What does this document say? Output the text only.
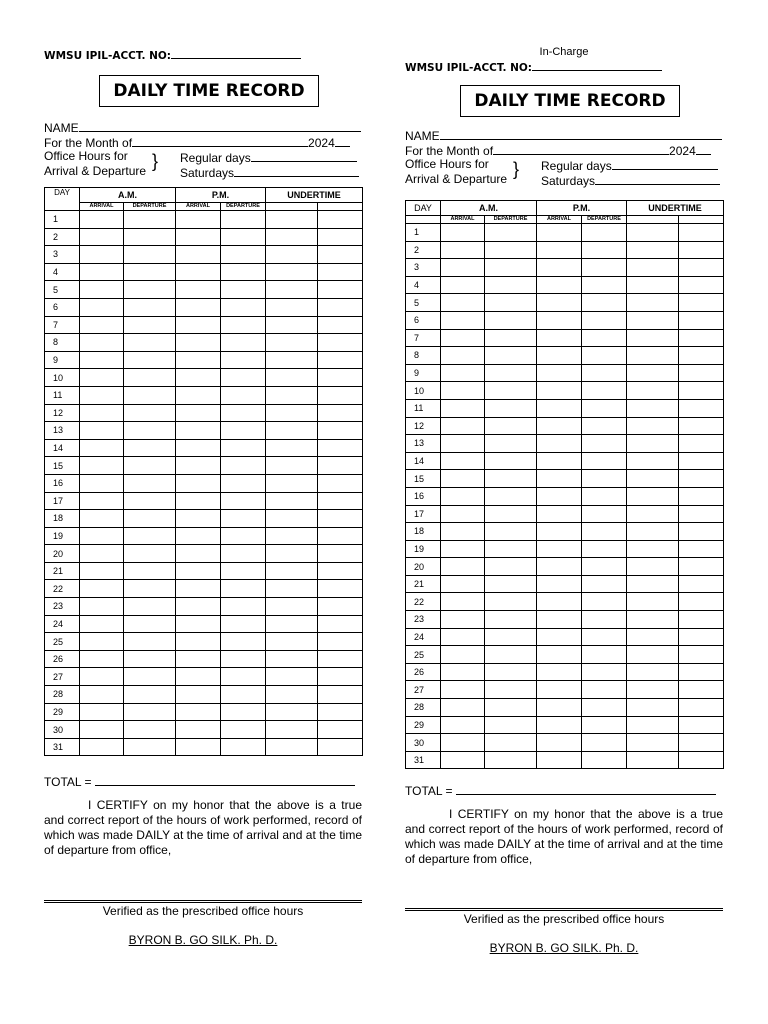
WMSU IPIL-ACCT. NO:
DAILY TIME RECORD
NAME
For the Month of	2024
Office Hours for } Regular days
Arrival & Departure	Saturdays
DAY	A.M.		P.M.		UNDERTIME	
	ARRIVAL	DEPARTURE	ARRIVAL	DEPARTURE		
1						
2						
3						
4						
5						
6						
7						
8						
9						
10						
11						
12						
13						
14						
15						
16						
17						
18						
19						
20						
21						
22						
23						
24						
25						
26						
27						
28						
29						
30						
31						
TOTAL =
I CERTIFY on my honor that the above is a true and correct report of the hours of work performed, record of which was made DAILY at the time of arrival and at the time of departure from office,
Verified as the prescribed office hours
BYRON B. GO SILK. Ph. D.
In-Charge
WMSU IPIL-ACCT. NO:
DAILY TIME RECORD
NAME
For the Month of	2024
Office Hours for } Regular days
Arrival & Departure	Saturdays
DAY	A.M.		P.M.		UNDERTIME	
	ARRIVAL	DEPARTURE	ARRIVAL	DEPARTURE		
1						
2						
3						
4						
5						
6						
7						
8						
9						
10						
11						
12						
13						
14						
15						
16						
17						
18						
19						
20						
21						
22						
23						
24						
25						
26						
27						
28						
29						
30						
31						
TOTAL =
I CERTIFY on my honor that the above is a true and correct report of the hours of work performed, record of which was made DAILY at the time of arrival and at the time of departure from office,
Verified as the prescribed office hours
BYRON B. GO SILK. Ph. D.
